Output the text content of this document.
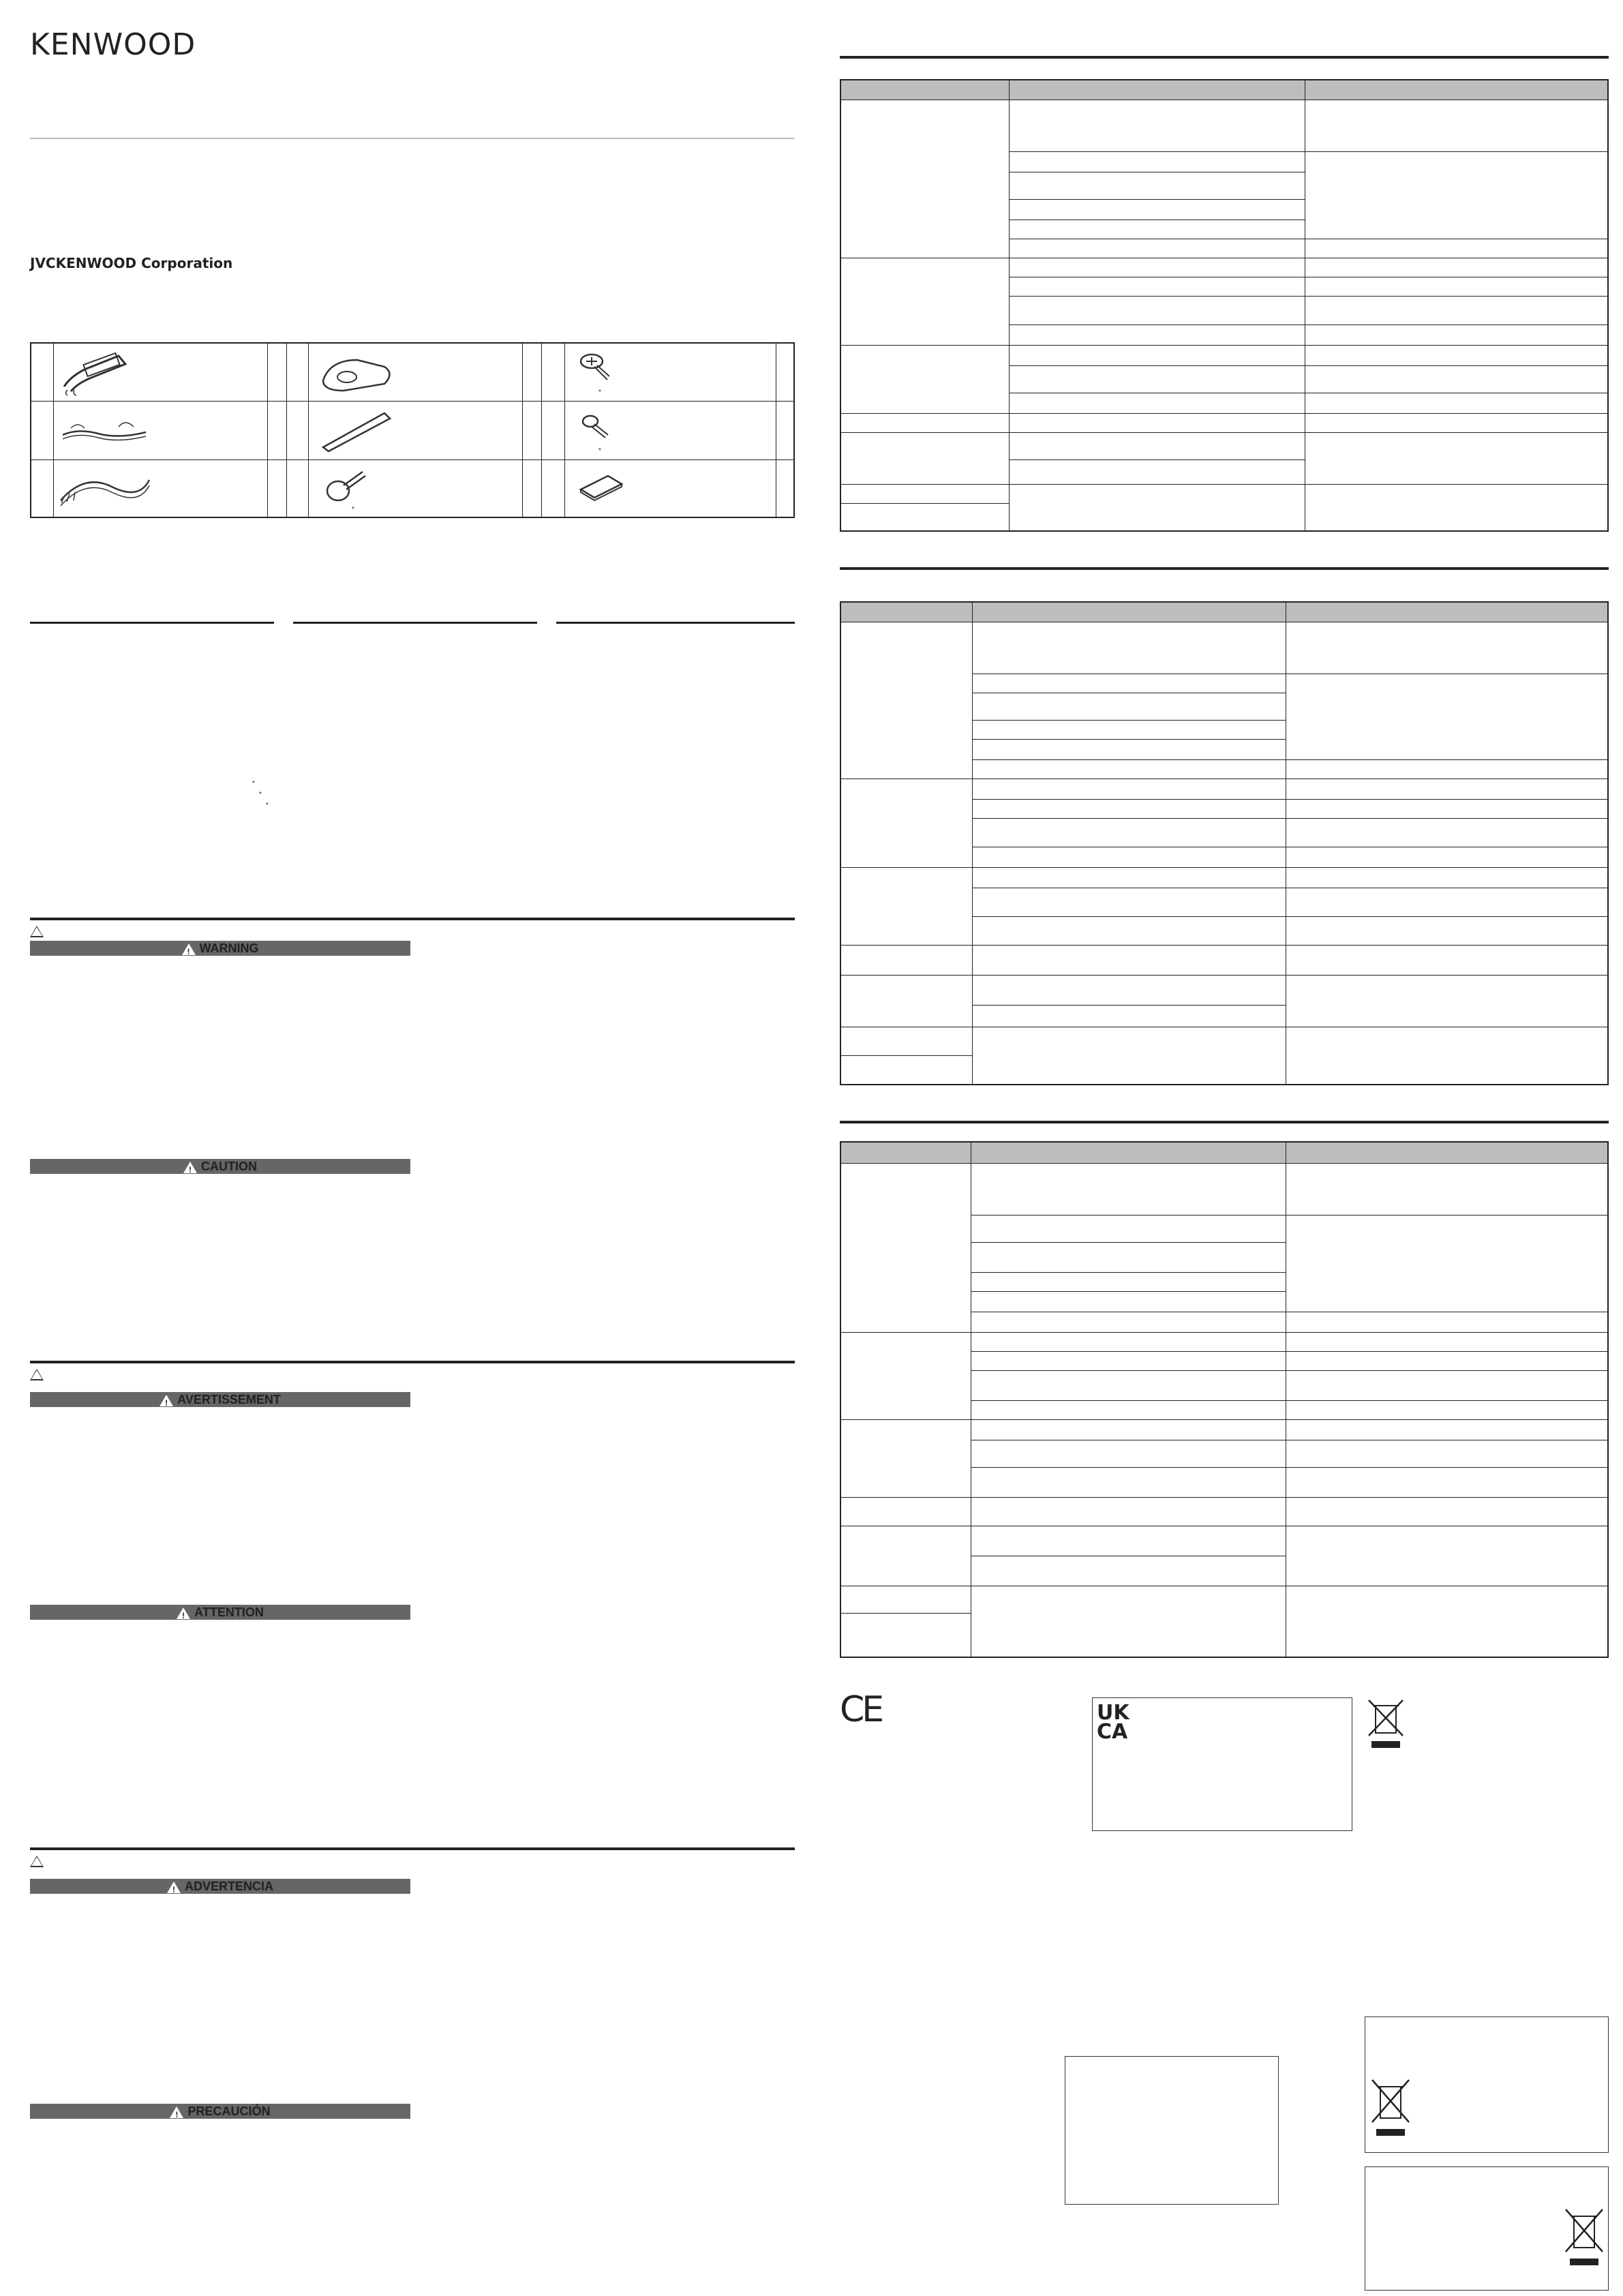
KENWOOD
JVCKENWOOD Corporation
*
*
*
*
*
*
!WARNING
!CAUTION
!AVERTISSEMENT
!ATTENTION
!ADVERTENCIA
!PRECAUCIÓN
CE	UK
CA
